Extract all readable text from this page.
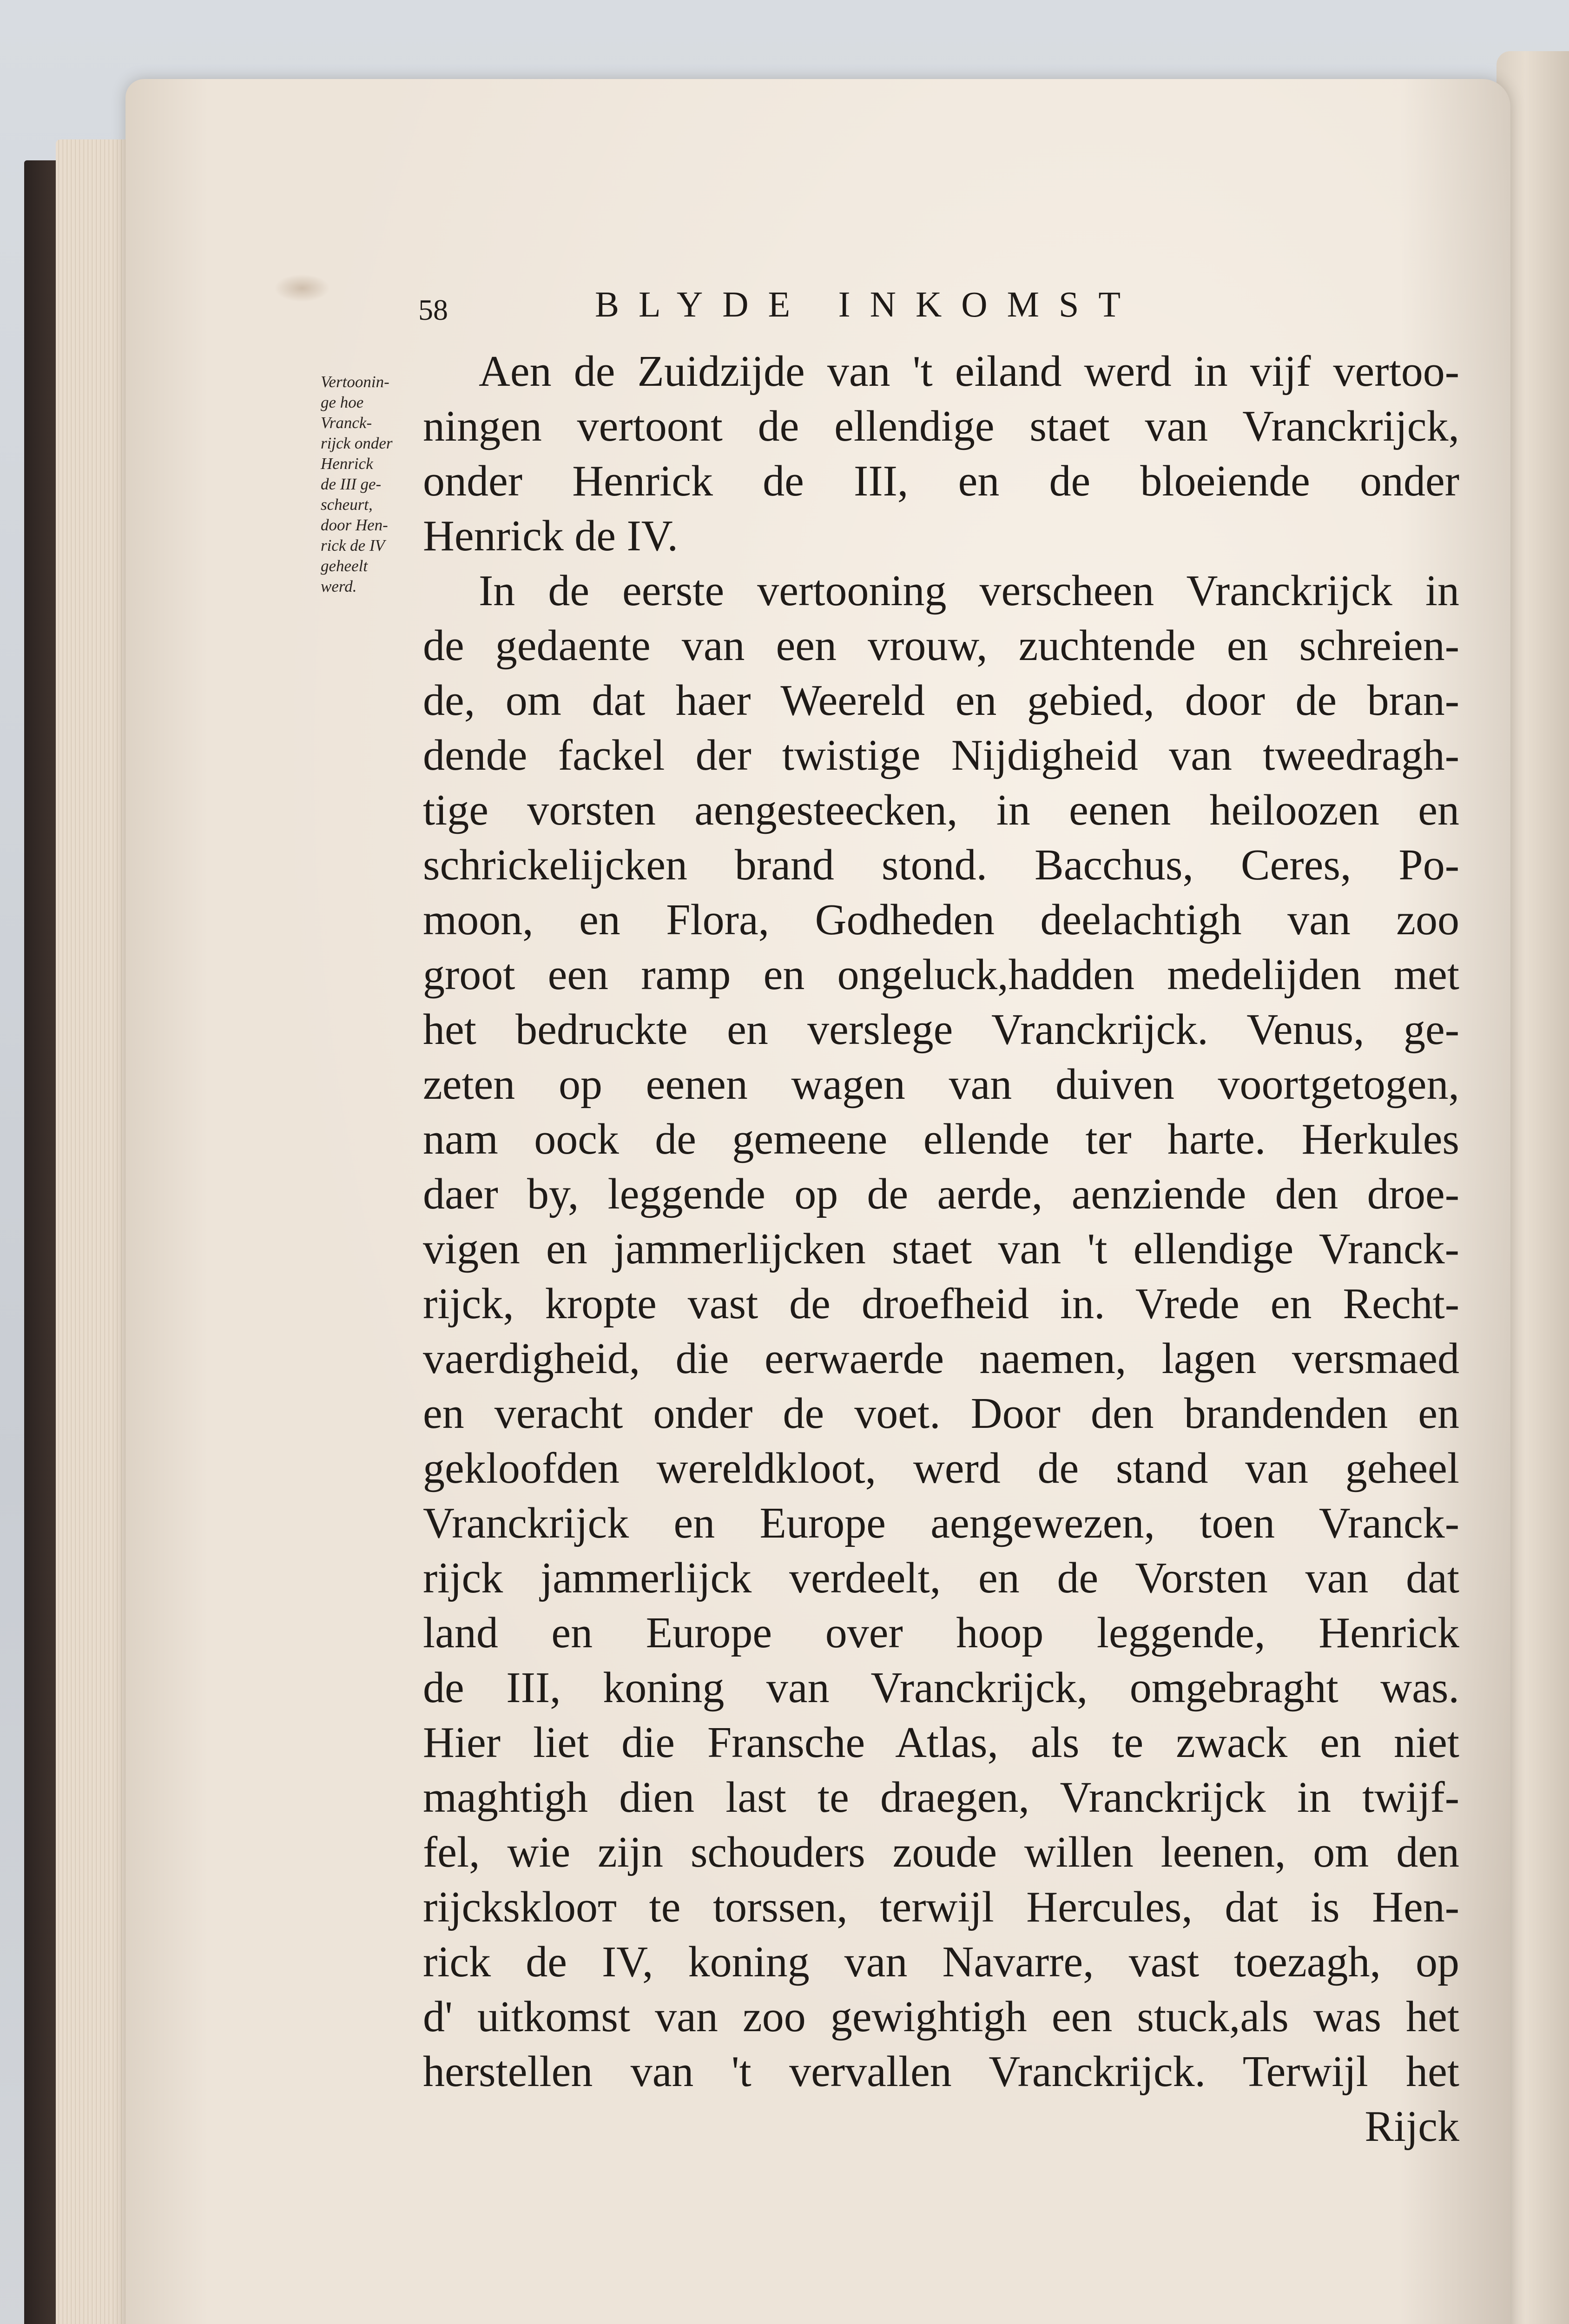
58	BLYDE INKOMST

Vertoonin-
ge hoe
Vranck-
rijck onder
Henrick
de III ge-
scheurt,
door Hen-
rick de IV
geheelt
werd.
Aen de Zuidzijde van 't eiland werd in vijf vertoo-
ningen vertoont de ellendige staet van Vranckrijck,
onder Henrick de III, en de bloeiende onder
Henrick de IV.
In de eerste vertooning verscheen Vranckrijck in
de gedaente van een vrouw, zuchtende en schreien-
de, om dat haer Weereld en gebied, door de bran-
dende fackel der twistige Nijdigheid van tweedragh-
tige vorsten aengesteecken, in eenen heiloozen en
schrickelijcken brand stond. Bacchus, Ceres, Po-
moon, en Flora, Godheden deelachtigh van zoo
groot een ramp en ongeluck,hadden medelijden met
het bedruckte en verslege Vranckrijck. Venus, ge-
zeten op eenen wagen van duiven voortgetogen,
nam oock de gemeene ellende ter harte. Herkules
daer by, leggende op de aerde, aenziende den droe-
vigen en jammerlijcken staet van 't ellendige Vranck-
rijck, kropte vast de droefheid in. Vrede en Recht-
vaerdigheid, die eerwaerde naemen, lagen versmaed
en veracht onder de voet. Door den brandenden en
gekloofden wereldkloot, werd de stand van geheel
Vranckrijck en Europe aengewezen, toen Vranck-
rijck jammerlijck verdeelt, en de Vorsten van dat
land en Europe over hoop leggende, Henrick
de III, koning van Vranckrijck, omgebraght was.
Hier liet die Fransche Atlas, als te zwack en niet
maghtigh dien last te draegen, Vranckrijck in twijf-
fel, wie zijn schouders zoude willen leenen, om den
rijcksklooт te torssen, terwijl Hercules, dat is Hen-
rick de IV, koning van Navarre, vast toezagh, op
d' uitkomst van zoo gewightigh een stuck,als was het
herstellen van 't vervallen Vranckrijck. Terwijl het
Rijck
